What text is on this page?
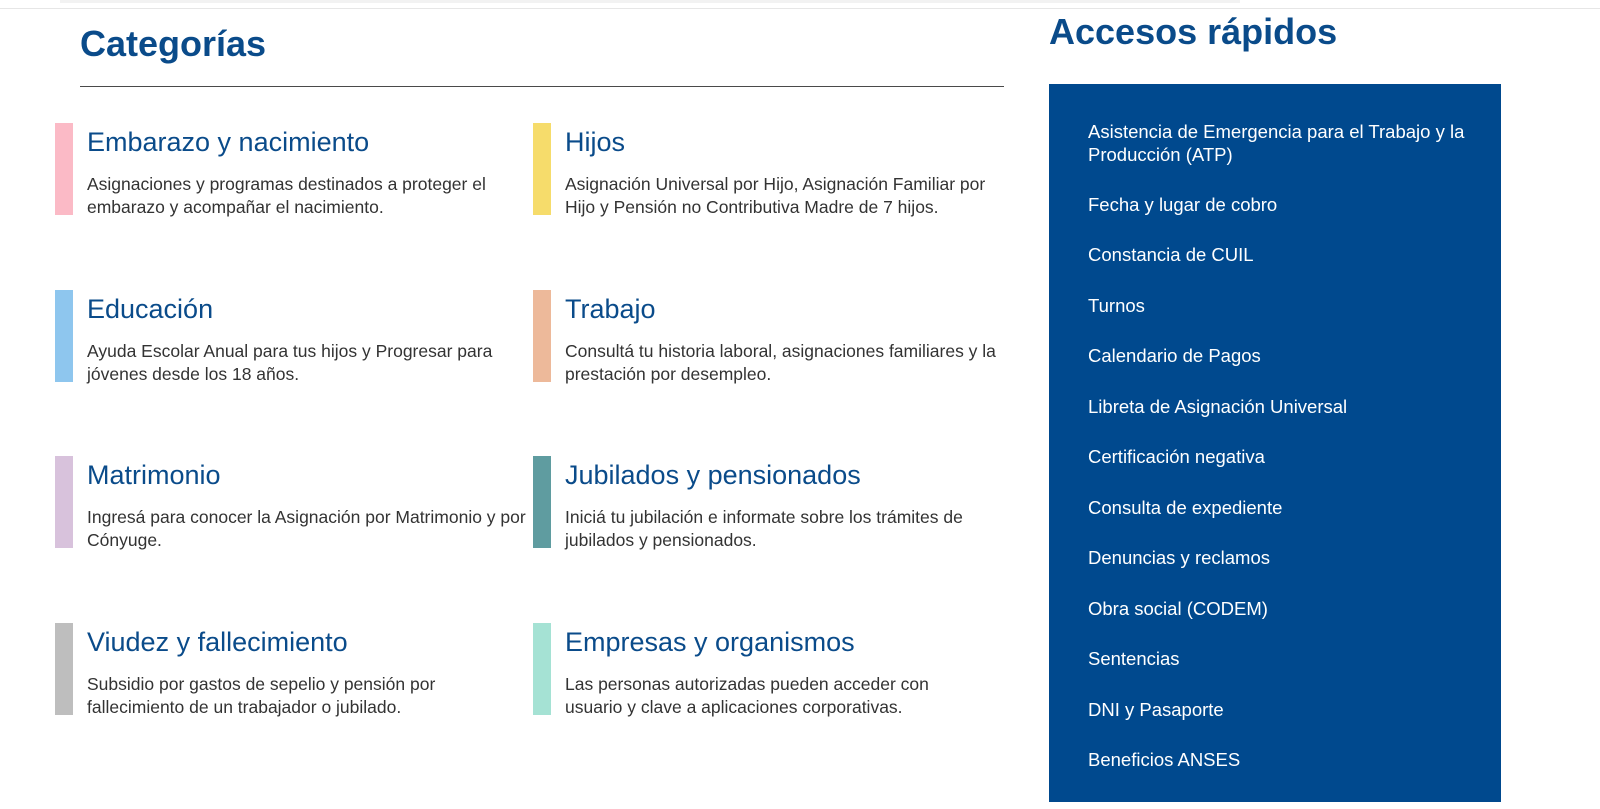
Categorías
Embarazo y nacimiento
Asignaciones y programas destinados a proteger el embarazo y acompañar el nacimiento.
Hijos
Asignación Universal por Hijo, Asignación Familiar por Hijo y Pensión no Contributiva Madre de 7 hijos.
Educación
Ayuda Escolar Anual para tus hijos y Progresar para jóvenes desde los 18 años.
Trabajo
Consultá tu historia laboral, asignaciones familiares y la prestación por desempleo.
Matrimonio
Ingresá para conocer la Asignación por Matrimonio y por Cónyuge.
Jubilados y pensionados
Iniciá tu jubilación e informate sobre los trámites de jubilados y pensionados.
Viudez y fallecimiento
Subsidio por gastos de sepelio y pensión por fallecimiento de un trabajador o jubilado.
Empresas y organismos
Las personas autorizadas pueden acceder con usuario y clave a aplicaciones corporativas.
Accesos rápidos
Asistencia de Emergencia para el Trabajo y la Producción (ATP)
Fecha y lugar de cobro
Constancia de CUIL
Turnos
Calendario de Pagos
Libreta de Asignación Universal
Certificación negativa
Consulta de expediente
Denuncias y reclamos
Obra social (CODEM)
Sentencias
DNI y Pasaporte
Beneficios ANSES
